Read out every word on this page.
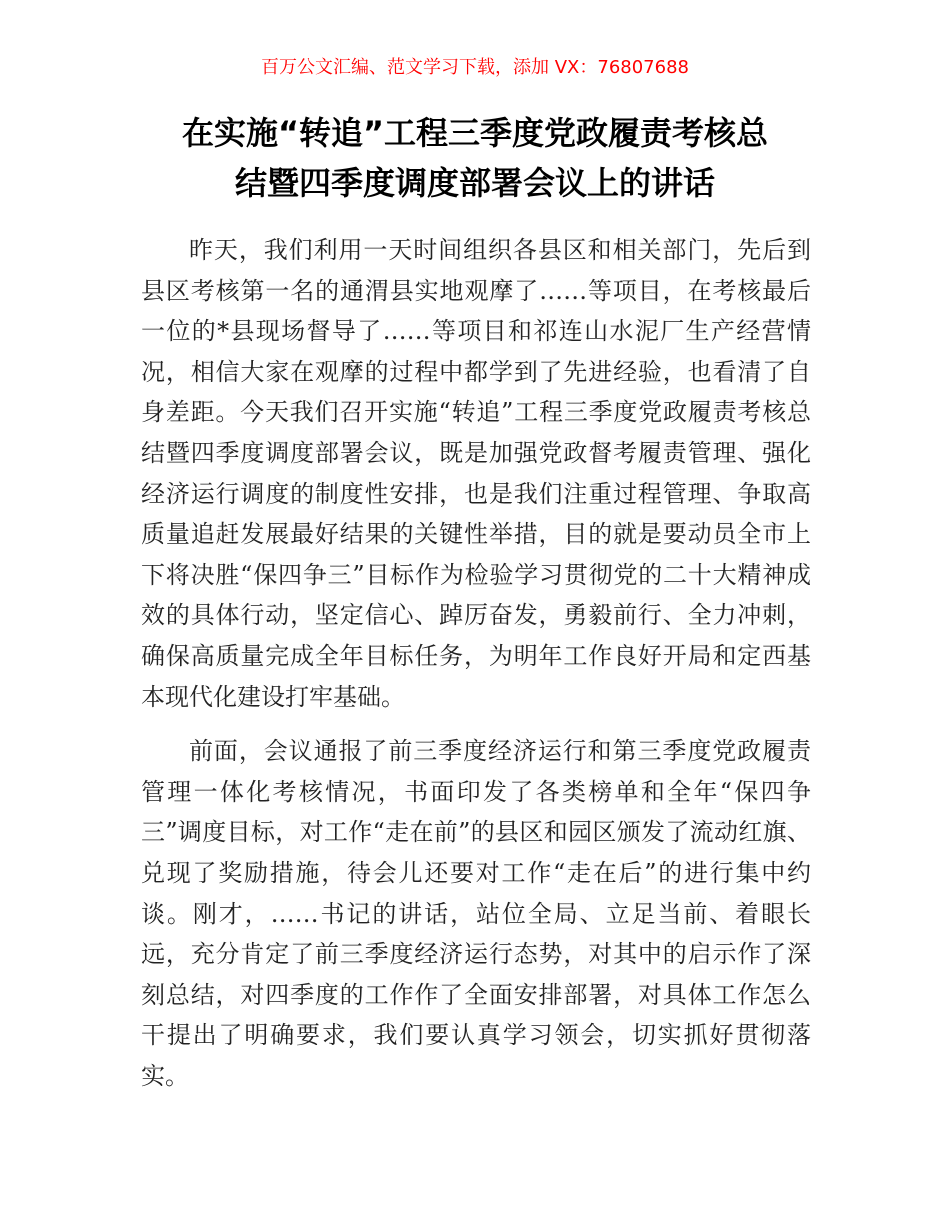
百万公文汇编、范文学习下载，添加 VX：76807688
在实施“转追”工程三季度党政履责考核总
结暨四季度调度部署会议上的讲话

昨天，我们利用一天时间组织各县区和相关部门，先后到县区考核第一名的通渭县实地观摩了……等项目，在考核最后一位的*县现场督导了……等项目和祁连山水泥厂生产经营情况，相信大家在观摩的过程中都学到了先进经验，也看清了自身差距。今天我们召开实施“转追”工程三季度党政履责考核总结暨四季度调度部署会议，既是加强党政督考履责管理、强化经济运行调度的制度性安排，也是我们注重过程管理、争取高质量追赶发展最好结果的关键性举措，目的就是要动员全市上下将决胜“保四争三”目标作为检验学习贯彻党的二十大精神成效的具体行动，坚定信心、踔厉奋发，勇毅前行、全力冲刺，确保高质量完成全年目标任务，为明年工作良好开局和定西基本现代化建设打牢基础。

前面，会议通报了前三季度经济运行和第三季度党政履责管理一体化考核情况，书面印发了各类榜单和全年“保四争三”调度目标，对工作“走在前”的县区和园区颁发了流动红旗、兑现了奖励措施，待会儿还要对工作“走在后”的进行集中约谈。刚才，……书记的讲话，站位全局、立足当前、着眼长远，充分肯定了前三季度经济运行态势，对其中的启示作了深刻总结，对四季度的工作作了全面安排部署，对具体工作怎么干提出了明确要求，我们要认真学习领会，切实抓好贯彻落实。
